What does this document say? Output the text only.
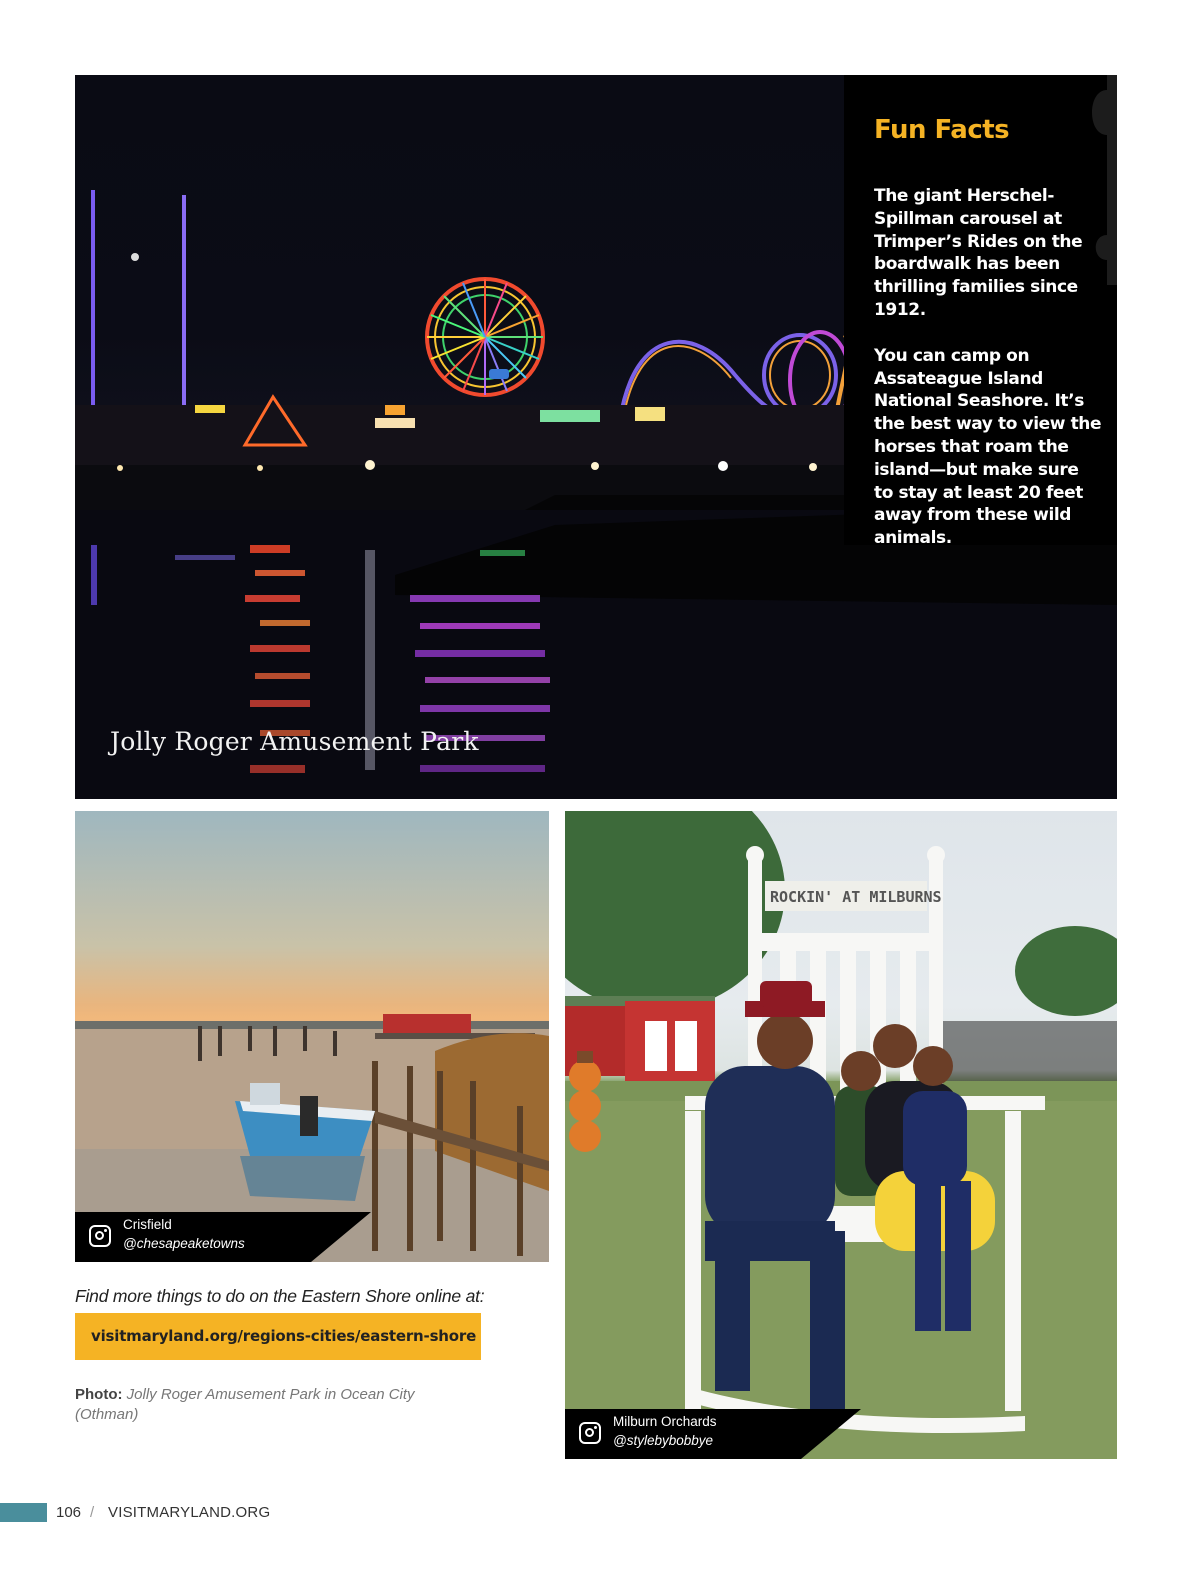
Fun Facts

The giant Herschel-Spillman carousel at Trimper’s Rides on the boardwalk has been thrilling families since 1912.

You can camp on Assateague Island National Seashore. It’s the best way to view the horses that roam the island—but make sure to stay at least 20 feet away from these wild animals.

Jolly Roger Amusement Park
Crisfield
@chesapeaketowns
ROCKIN' AT MILBURNS
Milburn Orchards
@stylebybobbye
Find more things to do on the Eastern Shore online at:
visitmaryland.org/regions-cities/eastern-shore
Photo: Jolly Roger Amusement Park in Ocean City (Othman)
106 / VISITMARYLAND.ORG
